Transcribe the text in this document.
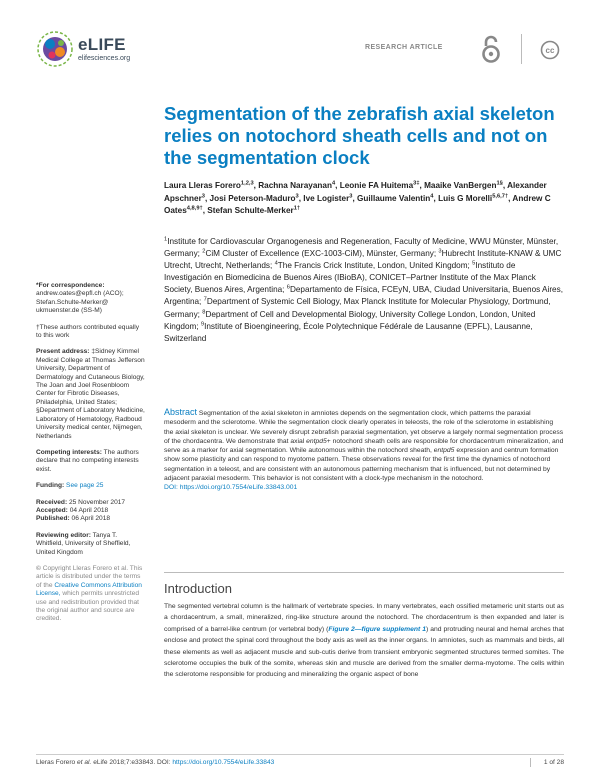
eLIFE
elifesciences.org
RESEARCH ARTICLE	cc
Segmentation of the zebrafish axial skeleton relies on notochord sheath cells and not on the segmentation clock
Laura Lleras Forero$^{1,2,3}$, Rachna Narayanan$^4$, Leonie FA Huitema$^{3\ddagger}$, Maaike VanBergen$^{1\S}$, Alexander Apschner$^3$, Josi Peterson-Maduro$^3$, Ive Logister$^3$, Guillaume Valentin$^4$, Luis G Morelli$^{5,6,7\dagger}$, Andrew C Oates$^{4,8,9\dagger}$, Stefan Schulte-Merker$^{1\dagger}$
$^1$Institute for Cardiovascular Organogenesis and Regeneration, Faculty of Medicine, WWU Münster, Münster, Germany; $^2$CiM Cluster of Excellence (EXC-1003-CiM), Münster, Germany; $^3$Hubrecht Institute-KNAW & UMC Utrecht, Utrecht, Netherlands; $^4$The Francis Crick Institute, London, United Kingdom; $^5$Instituto de Investigación en Biomedicina de Buenos Aires (IBioBA), CONICET–Partner Institute of the Max Planck Society, Buenos Aires, Argentina; $^6$Departamento de Física, FCEyN, UBA, Ciudad Universitaria, Buenos Aires, Argentina; $^7$Department of Systemic Cell Biology, Max Planck Institute for Molecular Physiology, Dortmund, Germany; $^8$Department of Cell and Developmental Biology, University College London, London, United Kingdom; $^9$Institute of Bioengineering, École Polytechnique Fédérale de Lausanne (EPFL), Lausanne, Switzerland
*For correspondence:
andrew.oates@epfl.ch (ACO); Stefan.Schulte-Merker@ ukmuenster.de (SS-M)
†These authors contributed equally to this work
Present address: ‡Sidney Kimmel Medical College at Thomas Jefferson University, Department of Dermatology and Cutaneous Biology, The Joan and Joel Rosenbloom Center for Fibrotic Diseases, Philadelphia, United States; §Department of Laboratory Medicine, Laboratory of Hematology, Radboud University medical center, Nijmegen, Netherlands
Competing interests: The authors declare that no competing interests exist.
Funding: See page 25
Received: 25 November 2017
Accepted: 04 April 2018
Published: 06 April 2018
Reviewing editor: Tanya T. Whitfield, University of Sheffield, United Kingdom
© Copyright Lleras Forero et al. This article is distributed under the terms of the Creative Commons Attribution License, which permits unrestricted use and redistribution provided that the original author and source are credited.

Abstract Segmentation of the axial skeleton in amniotes depends on the segmentation clock, which patterns the paraxial mesoderm and the sclerotome. While the segmentation clock clearly operates in teleosts, the role of the sclerotome in establishing the axial skeleton is unclear. We severely disrupt zebrafish paraxial segmentation, yet observe a largely normal segmentation process of the chordacentra. We demonstrate that axial entpd5+ notochord sheath cells are responsible for chordacentrum mineralization, and serve as a marker for axial segmentation. While autonomous within the notochord sheath, entpd5 expression and centrum formation show some plasticity and can respond to myotome pattern. These observations reveal for the first time the dynamics of notochord segmentation in a teleost, and are consistent with an autonomous patterning mechanism that is influenced, but not determined by adjacent paraxial mesoderm. This behavior is not consistent with a clock-type mechanism in the notochord.
DOI: https://doi.org/10.7554/eLife.33843.001

Introduction

The segmented vertebral column is the hallmark of vertebrate species. In many vertebrates, each ossified metameric unit starts out as a chordacentrum, a small, mineralized, ring-like structure around the notochord. The chordacentrum is then expanded and later is comprised of a barrel-like centrum (or vertebral body) (Figure 2—figure supplement 1) and protruding neural and hemal arches that enclose and protect the spinal cord throughout the body axis as well as the inner organs. In amniotes, such as mammals and birds, all these elements as well as adjacent muscle and sub-cutis derive from transient embryonic segmented structures termed somites. The sclerotome occupies the bulk of the somite, whereas skin and muscle are derived from the smaller derma-myotome. The cells within the sclerotome responsible for producing and mineralizing the organic aspect of bone

Lleras Forero et al. eLife 2018;7:e33843. DOI: https://doi.org/10.7554/eLife.33843	1 of 28
